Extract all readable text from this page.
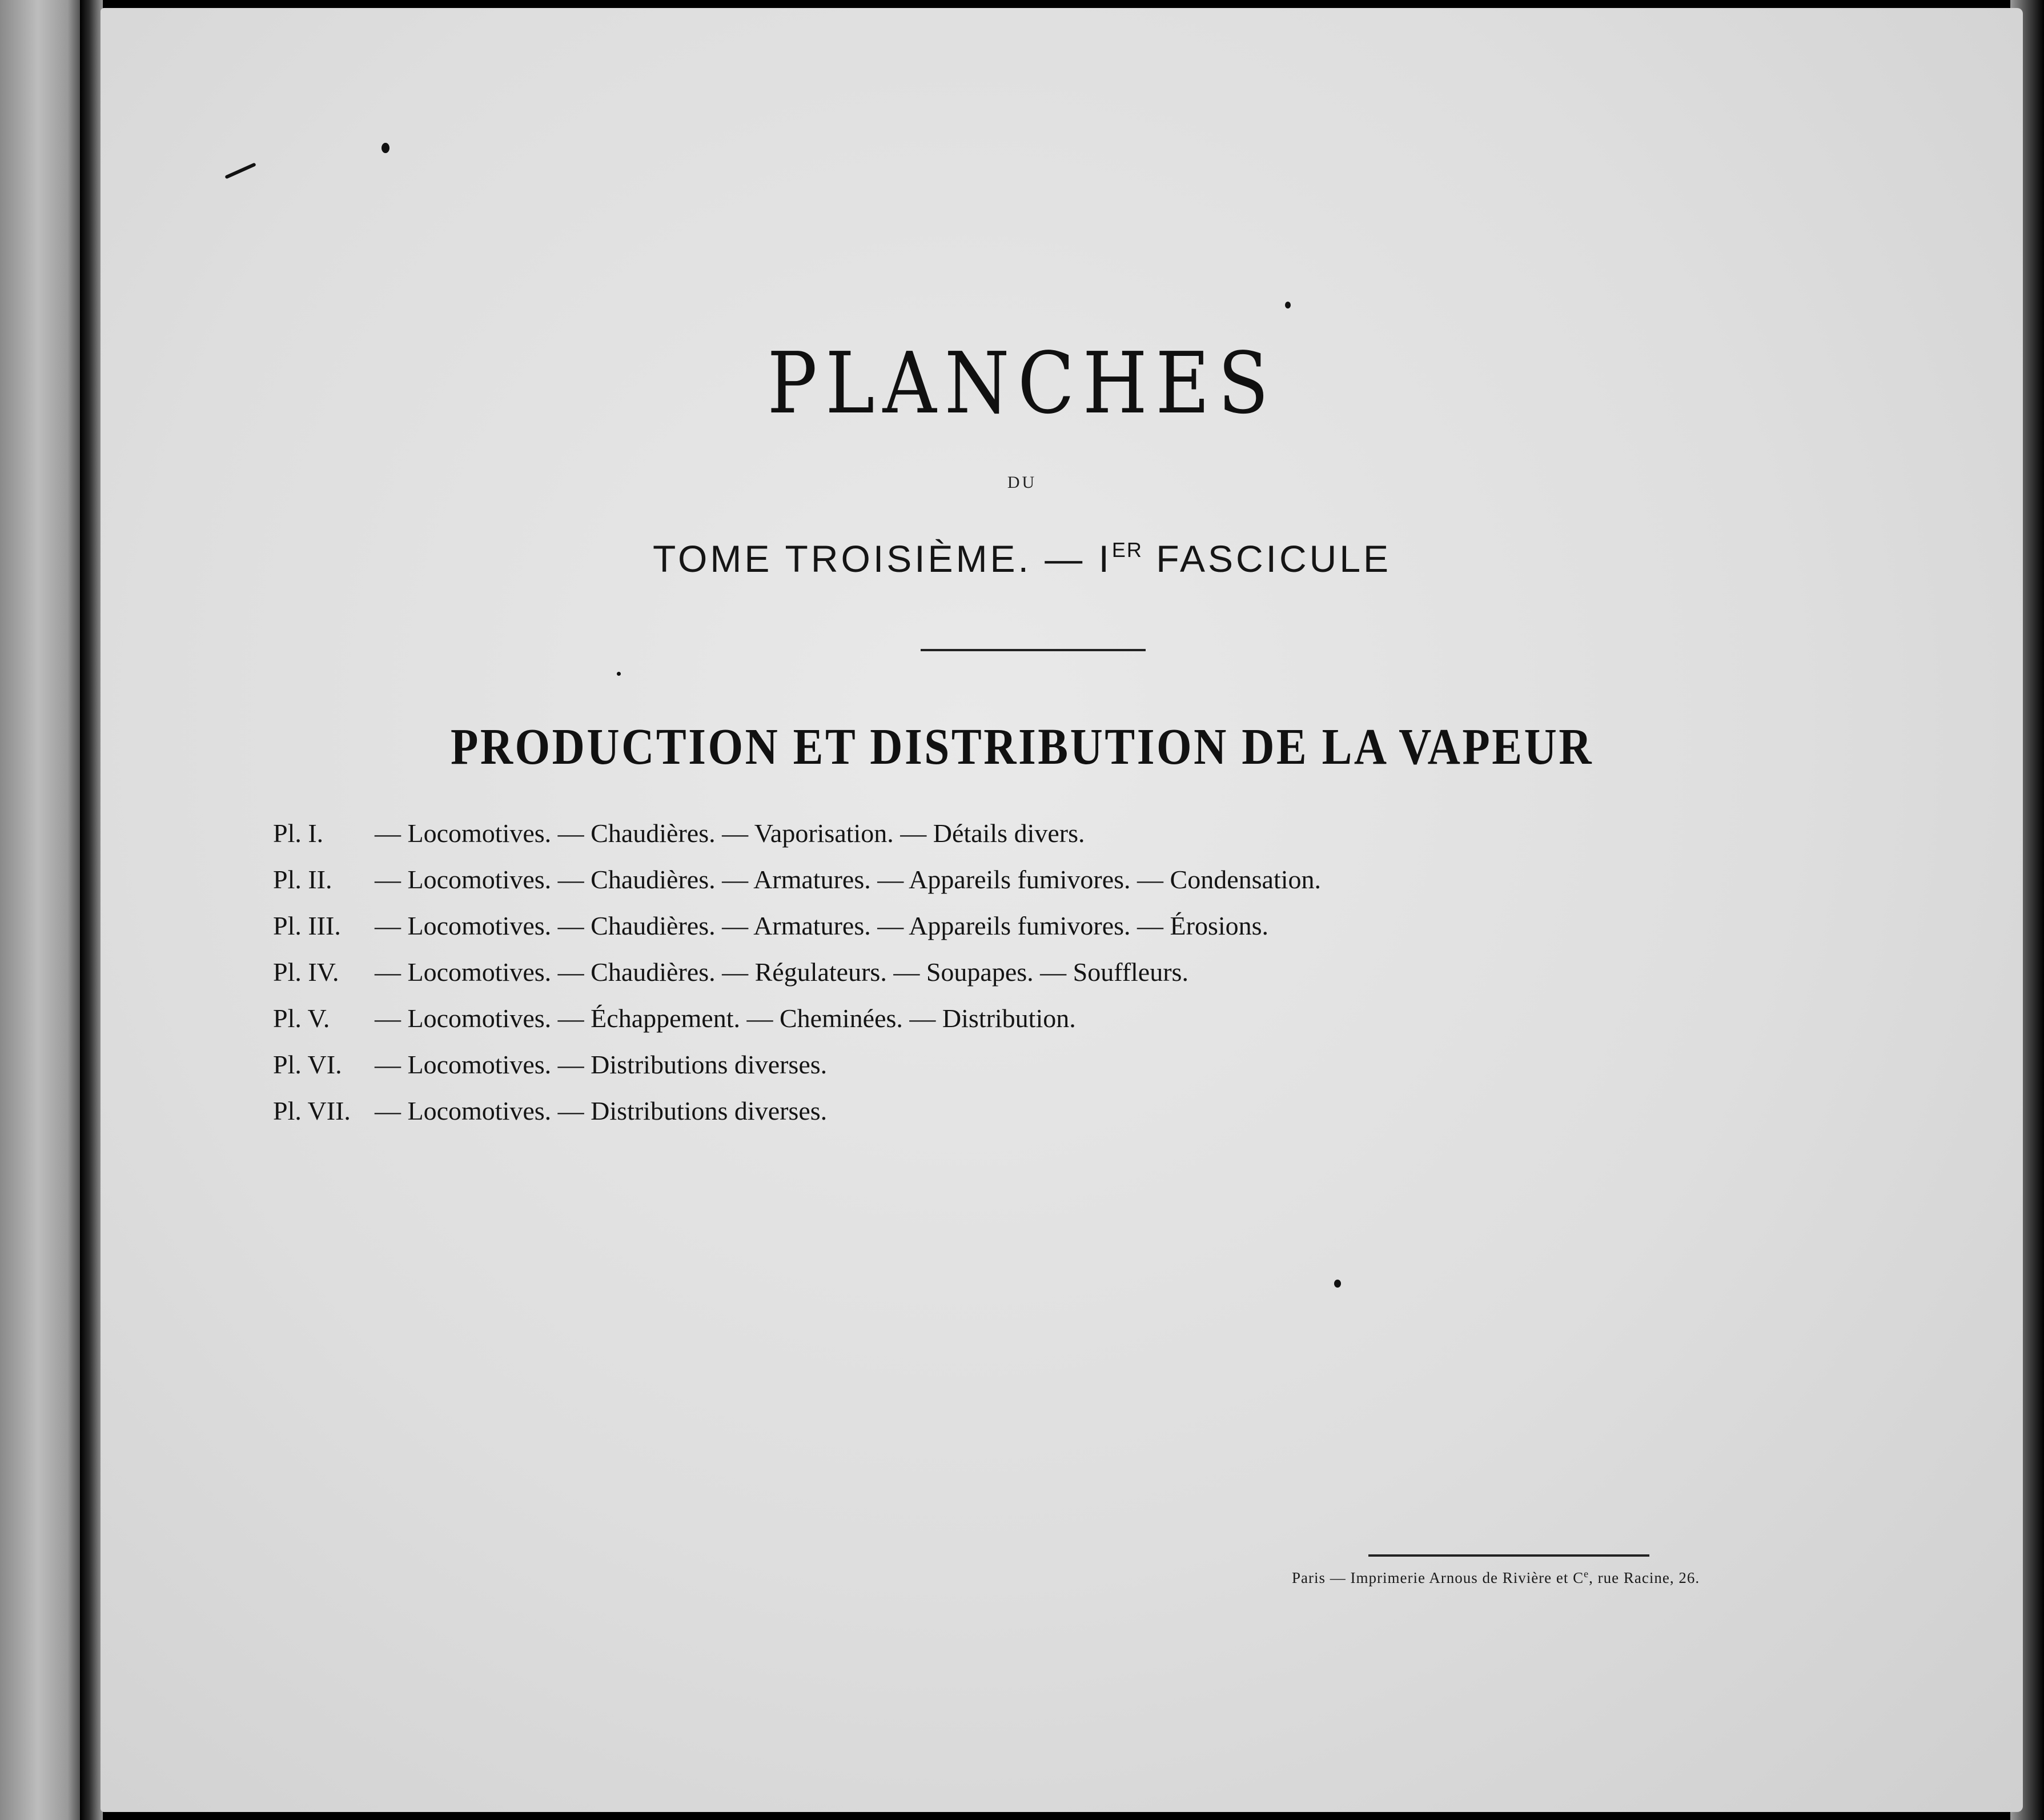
PLANCHES
DU
TOME TROISIÈME. — IER FASCICULE
PRODUCTION ET DISTRIBUTION DE LA VAPEUR
Pl. I. — Locomotives. — Chaudières. — Vaporisation. — Détails divers.
Pl. II. — Locomotives. — Chaudières. — Armatures. — Appareils fumivores. — Condensation.
Pl. III. — Locomotives. — Chaudières. — Armatures. — Appareils fumivores. — Érosions.
Pl. IV. — Locomotives. — Chaudières. — Régulateurs. — Soupapes. — Souffleurs.
Pl. V. — Locomotives. — Échappement. — Cheminées. — Distribution.
Pl. VI. — Locomotives. — Distributions diverses.
Pl. VII. — Locomotives. — Distributions diverses.
Paris — Imprimerie Arnous de Rivière et Ce, rue Racine, 26.
